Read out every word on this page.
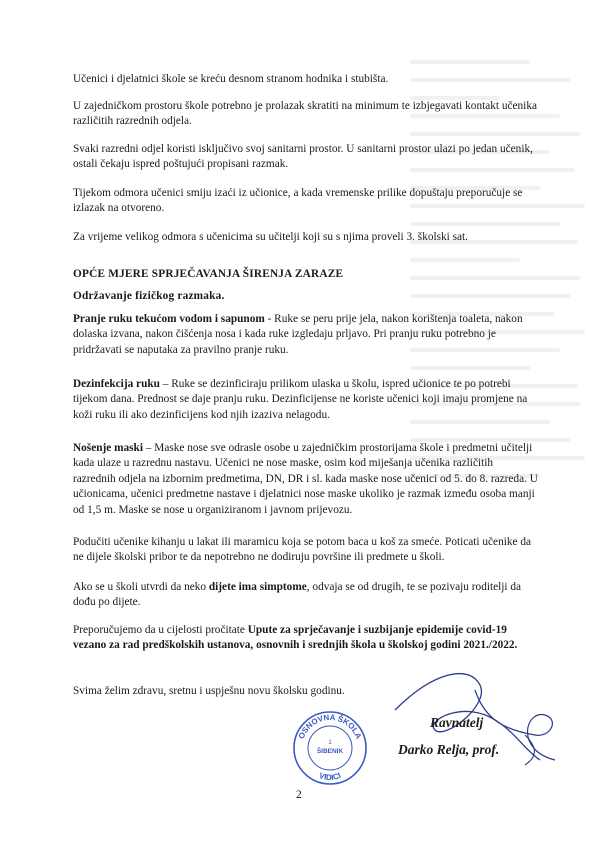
Učenici i djelatnici škole se kreću desnom stranom hodnika i stubišta.

U zajedničkom prostoru škole potrebno je prolazak skratiti na minimum te izbjegavati kontakt učenika različitih razrednih odjela.

Svaki razredni odjel koristi isključivo svoj sanitarni prostor. U sanitarni prostor ulazi po jedan učenik, ostali čekaju ispred poštujući propisani razmak.

Tijekom odmora učenici smiju izaći iz učionice, a kada vremenske prilike dopuštaju preporučuje se izlazak na otvoreno.

Za vrijeme velikog odmora s učenicima su učitelji koji su s njima proveli 3. školski sat.

OPĆE MJERE SPRJEČAVANJA ŠIRENJA ZARAZE

Održavanje fizičkog razmaka.

Pranje ruku tekućom vodom i sapunom - Ruke se peru prije jela, nakon korištenja toaleta, nakon dolaska izvana, nakon čišćenja nosa i kada ruke izgledaju prljavo. Pri pranju ruku potrebno je pridržavati se naputaka za pravilno pranje ruku.

Dezinfekcija ruku – Ruke se dezinficiraju prilikom ulaska u školu, ispred učionice te po potrebi tijekom dana. Prednost se daje pranju ruku. Dezinficijense ne koriste učenici koji imaju promjene na koži ruku ili ako dezinficijens kod njih izaziva nelagodu.

Nošenje maski – Maske nose sve odrasle osobe u zajedničkim prostorijama škole i predmetni učitelji kada ulaze u razrednu nastavu. Učenici ne nose maske, osim kod miješanja učenika različitih razrednih odjela na izbornim predmetima, DN, DR i sl. kada maske nose učenici od 5. do 8. razreda. U učionicama, učenici predmetne nastave i djelatnici nose maske ukoliko je razmak između osoba manji od 1,5 m. Maske se nose u organiziranom i javnom prijevozu.

Podučiti učenike kihanju u lakat ili maramicu koja se potom baca u koš za smeće. Poticati učenike da ne dijele školski pribor te da nepotrebno ne dodiruju površine ili predmete u školi.

Ako se u školi utvrdi da neko dijete ima simptome, odvaja se od drugih, te se pozivaju roditelji da dođu po dijete.

Preporučujemo da u cijelosti pročitate Upute za sprječavanje i suzbijanje epidemije covid-19 vezano za rad predškolskih ustanova, osnovnih i srednjih škola u školskoj godini 2021./2022.

Svima želim zdravu, sretnu i uspješnu novu školsku godinu.

OSNOVNA ŠKOLA
VIDICI
1
ŠIBENIK
Ravnatelj
Darko Relja, prof.
2
